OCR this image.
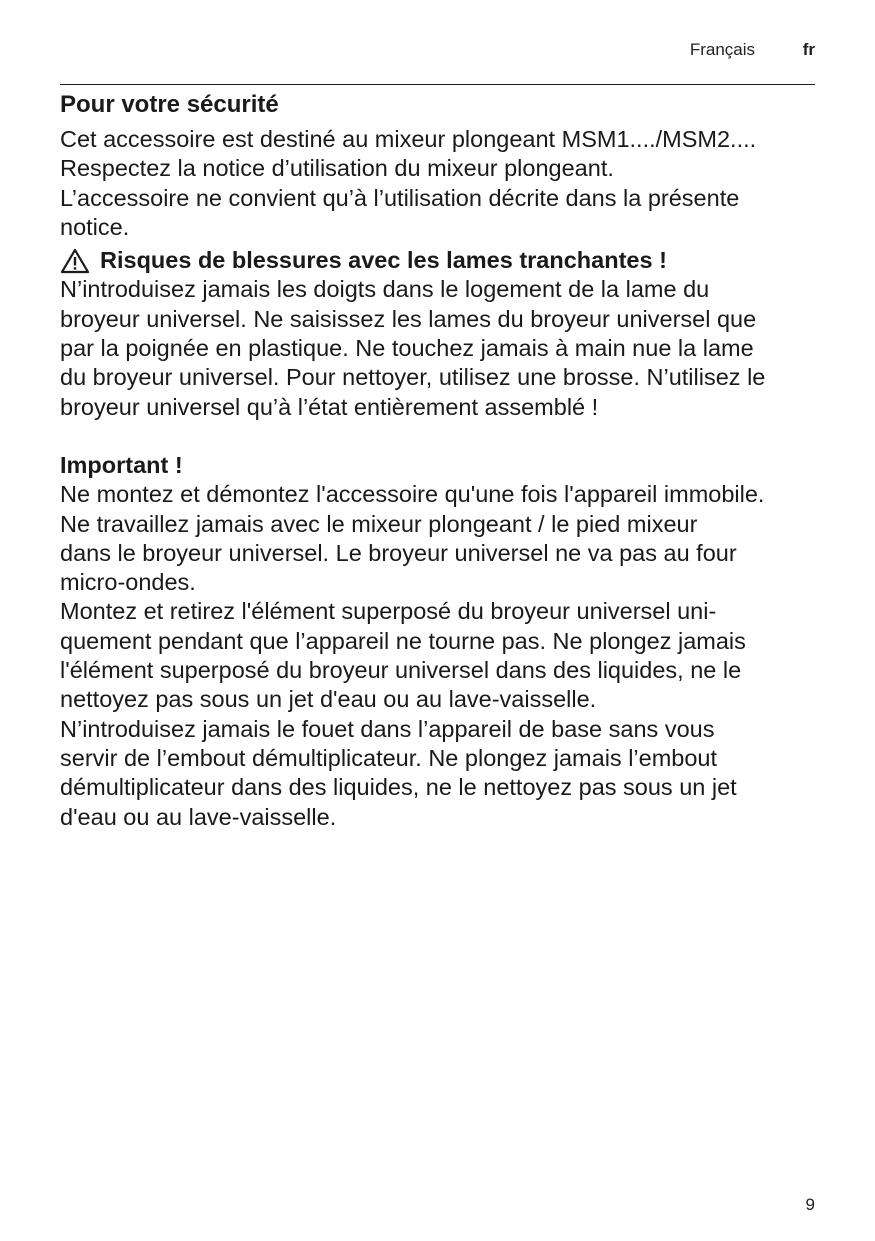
Français	fr
Pour votre sécurité
Cet accessoire est destiné au mixeur plongeant MSM1..../MSM2....
Respectez la notice d’utilisation du mixeur plongeant.
L’accessoire ne convient qu’à l’utilisation décrite dans la présente
notice.
Risques de blessures avec les lames tranchantes !
N’introduisez jamais les doigts dans le logement de la lame du
broyeur universel. Ne saisissez les lames du broyeur universel que
par la poignée en plastique. Ne touchez jamais à main nue la lame
du broyeur universel. Pour nettoyer, utilisez une brosse. N’utilisez le
broyeur universel qu’à l’état entièrement assemblé !
Important !
Ne montez et démontez l'accessoire qu'une fois l'appareil immobile.
Ne travaillez jamais avec le mixeur plongeant / le pied mixeur
dans le broyeur universel. Le broyeur universel ne va pas au four
micro-ondes.
Montez et retirez l'élément superposé du broyeur universel uni-
quement pendant que l’appareil ne tourne pas. Ne plongez jamais
l'élément superposé du broyeur universel dans des liquides, ne le
nettoyez pas sous un jet d'eau ou au lave-vaisselle.
N’introduisez jamais le fouet dans l’appareil de base sans vous
servir de l’embout démultiplicateur. Ne plongez jamais l’embout
démultiplicateur dans des liquides, ne le nettoyez pas sous un jet
d'eau ou au lave-vaisselle.
9
